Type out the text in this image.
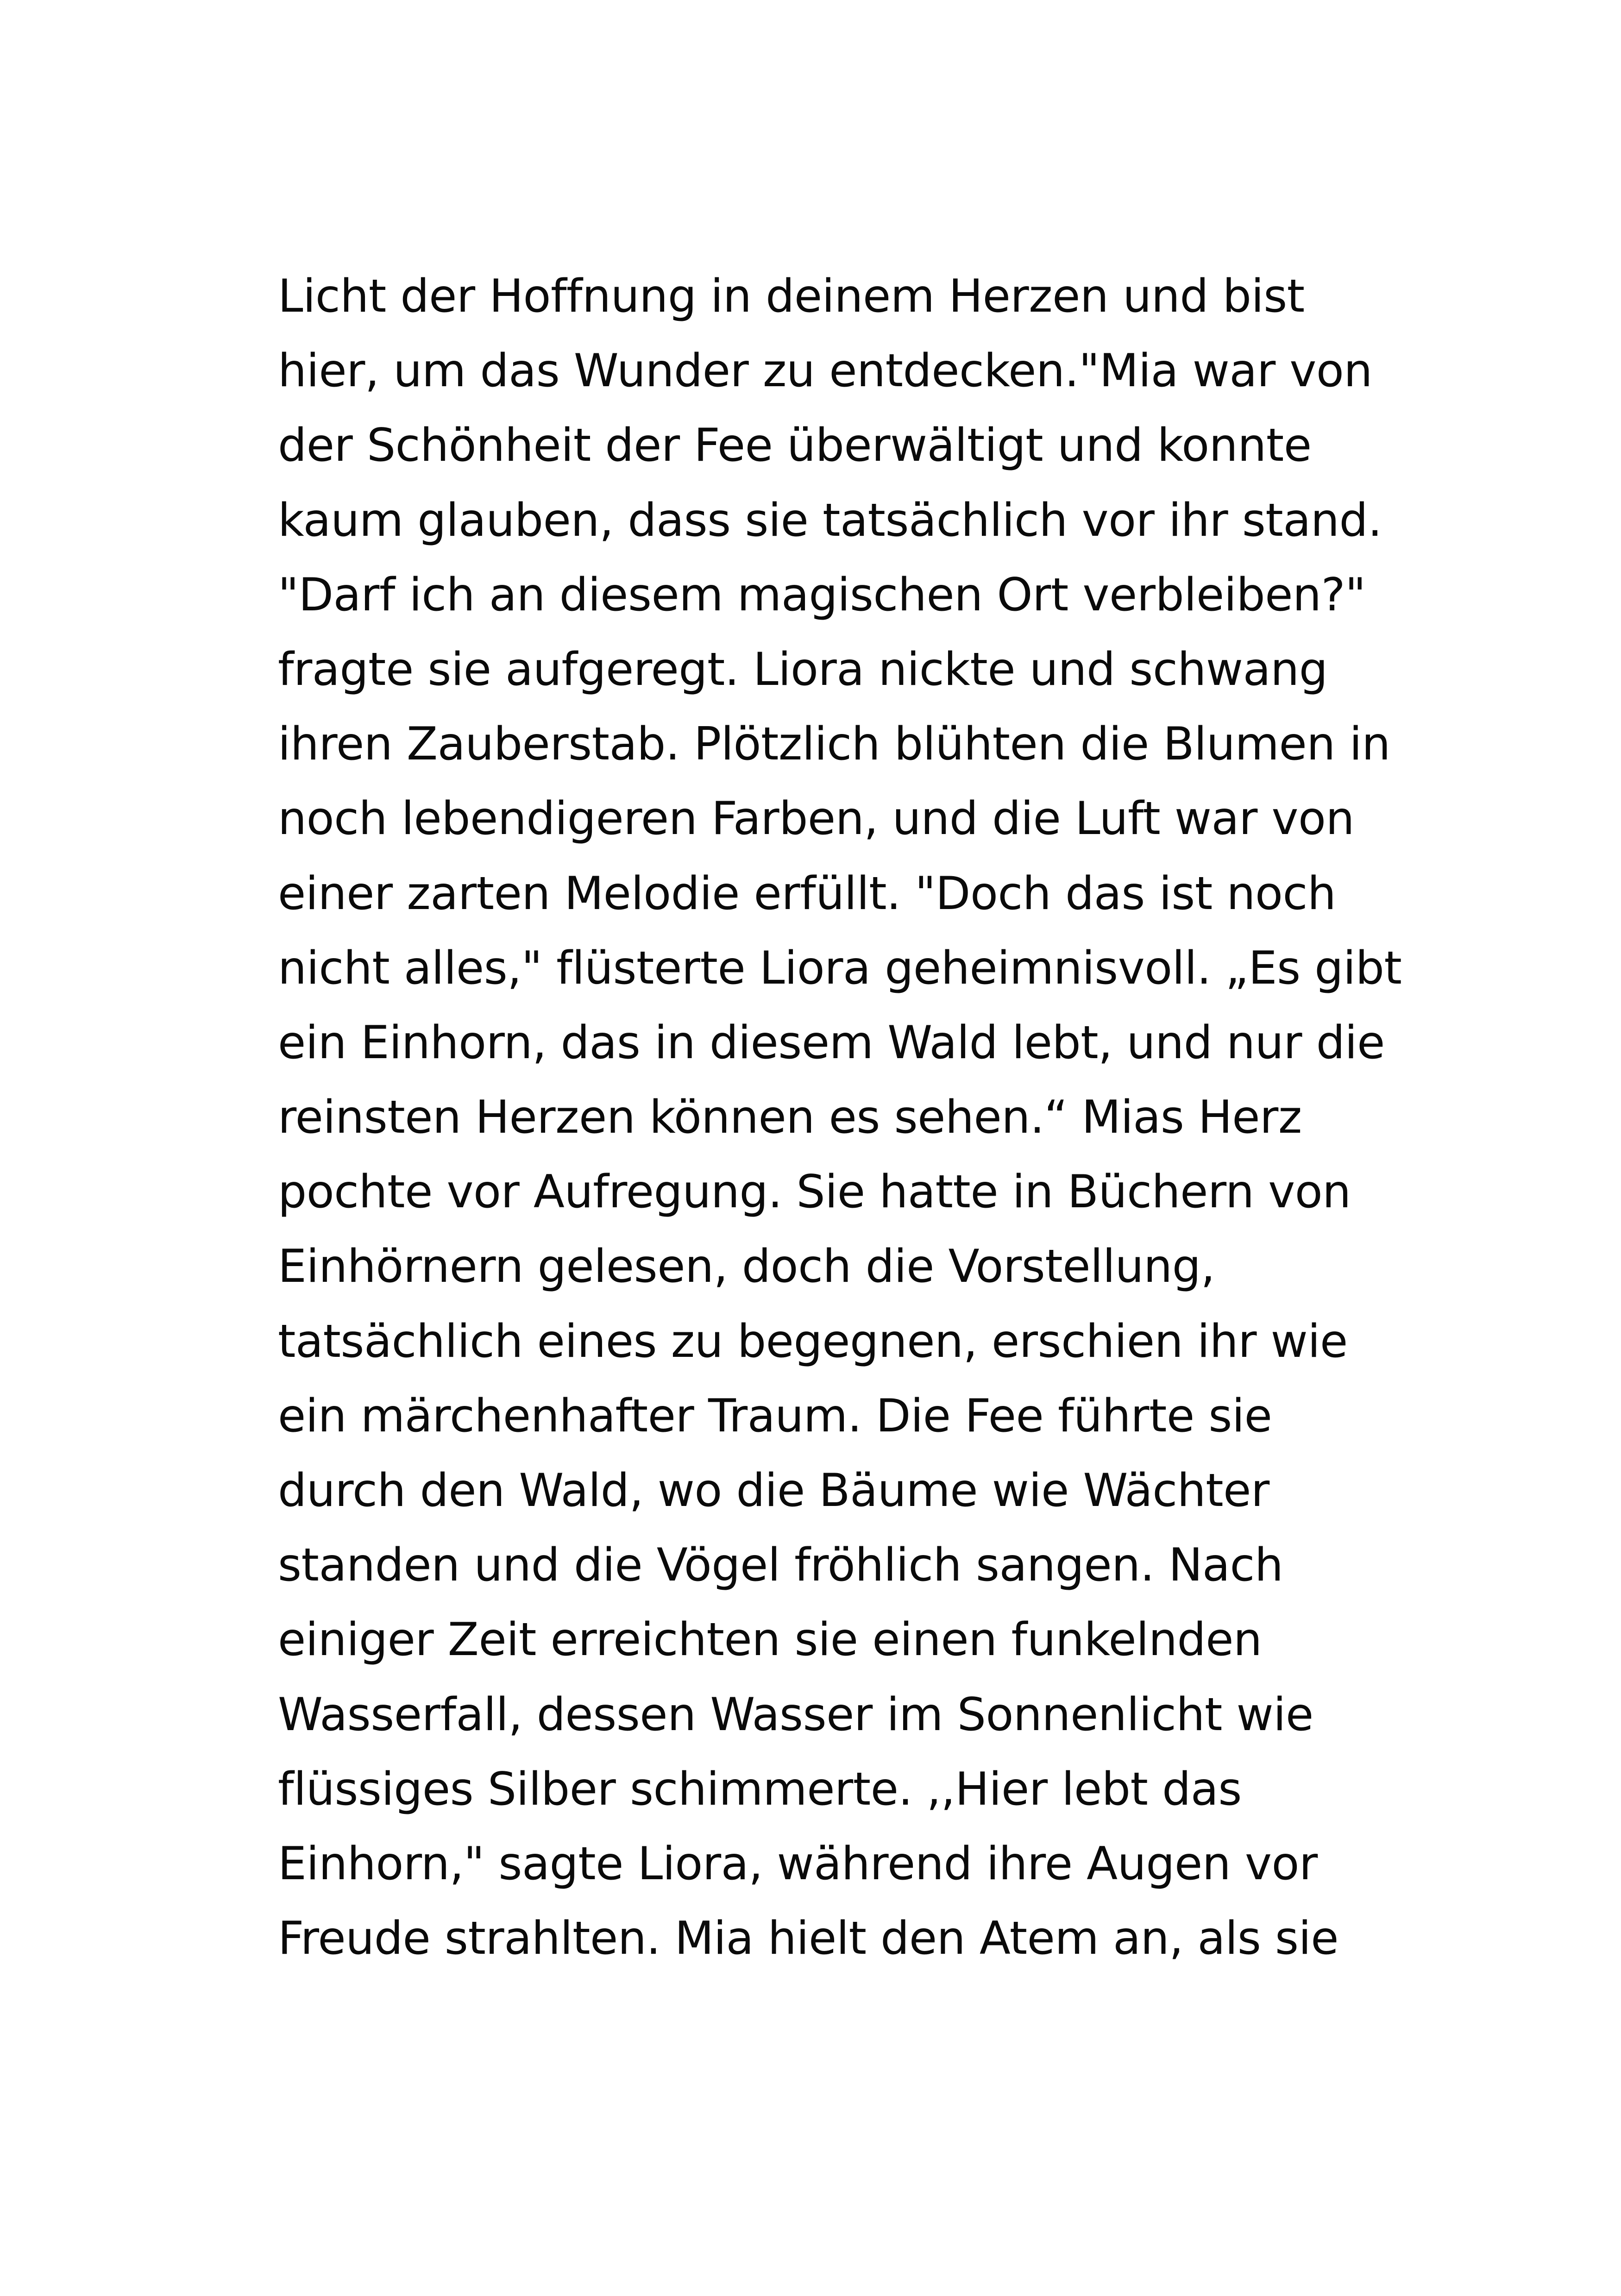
Licht der Hoffnung in deinem Herzen und bist
hier, um das Wunder zu entdecken."Mia war von
der Schönheit der Fee überwältigt und konnte
kaum glauben, dass sie tatsächlich vor ihr stand.
"Darf ich an diesem magischen Ort verbleiben?"
fragte sie aufgeregt. Liora nickte und schwang
ihren Zauberstab. Plötzlich blühten die Blumen in
noch lebendigeren Farben, und die Luft war von
einer zarten Melodie erfüllt. "Doch das ist noch
nicht alles," flüsterte Liora geheimnisvoll. „Es gibt
ein Einhorn, das in diesem Wald lebt, und nur die
reinsten Herzen können es sehen.“ Mias Herz
pochte vor Aufregung. Sie hatte in Büchern von
Einhörnern gelesen, doch die Vorstellung,
tatsächlich eines zu begegnen, erschien ihr wie
ein märchenhafter Traum. Die Fee führte sie
durch den Wald, wo die Bäume wie Wächter
standen und die Vögel fröhlich sangen. Nach
einiger Zeit erreichten sie einen funkelnden
Wasserfall, dessen Wasser im Sonnenlicht wie
flüssiges Silber schimmerte. ,,Hier lebt das
Einhorn," sagte Liora, während ihre Augen vor
Freude strahlten. Mia hielt den Atem an, als sie
